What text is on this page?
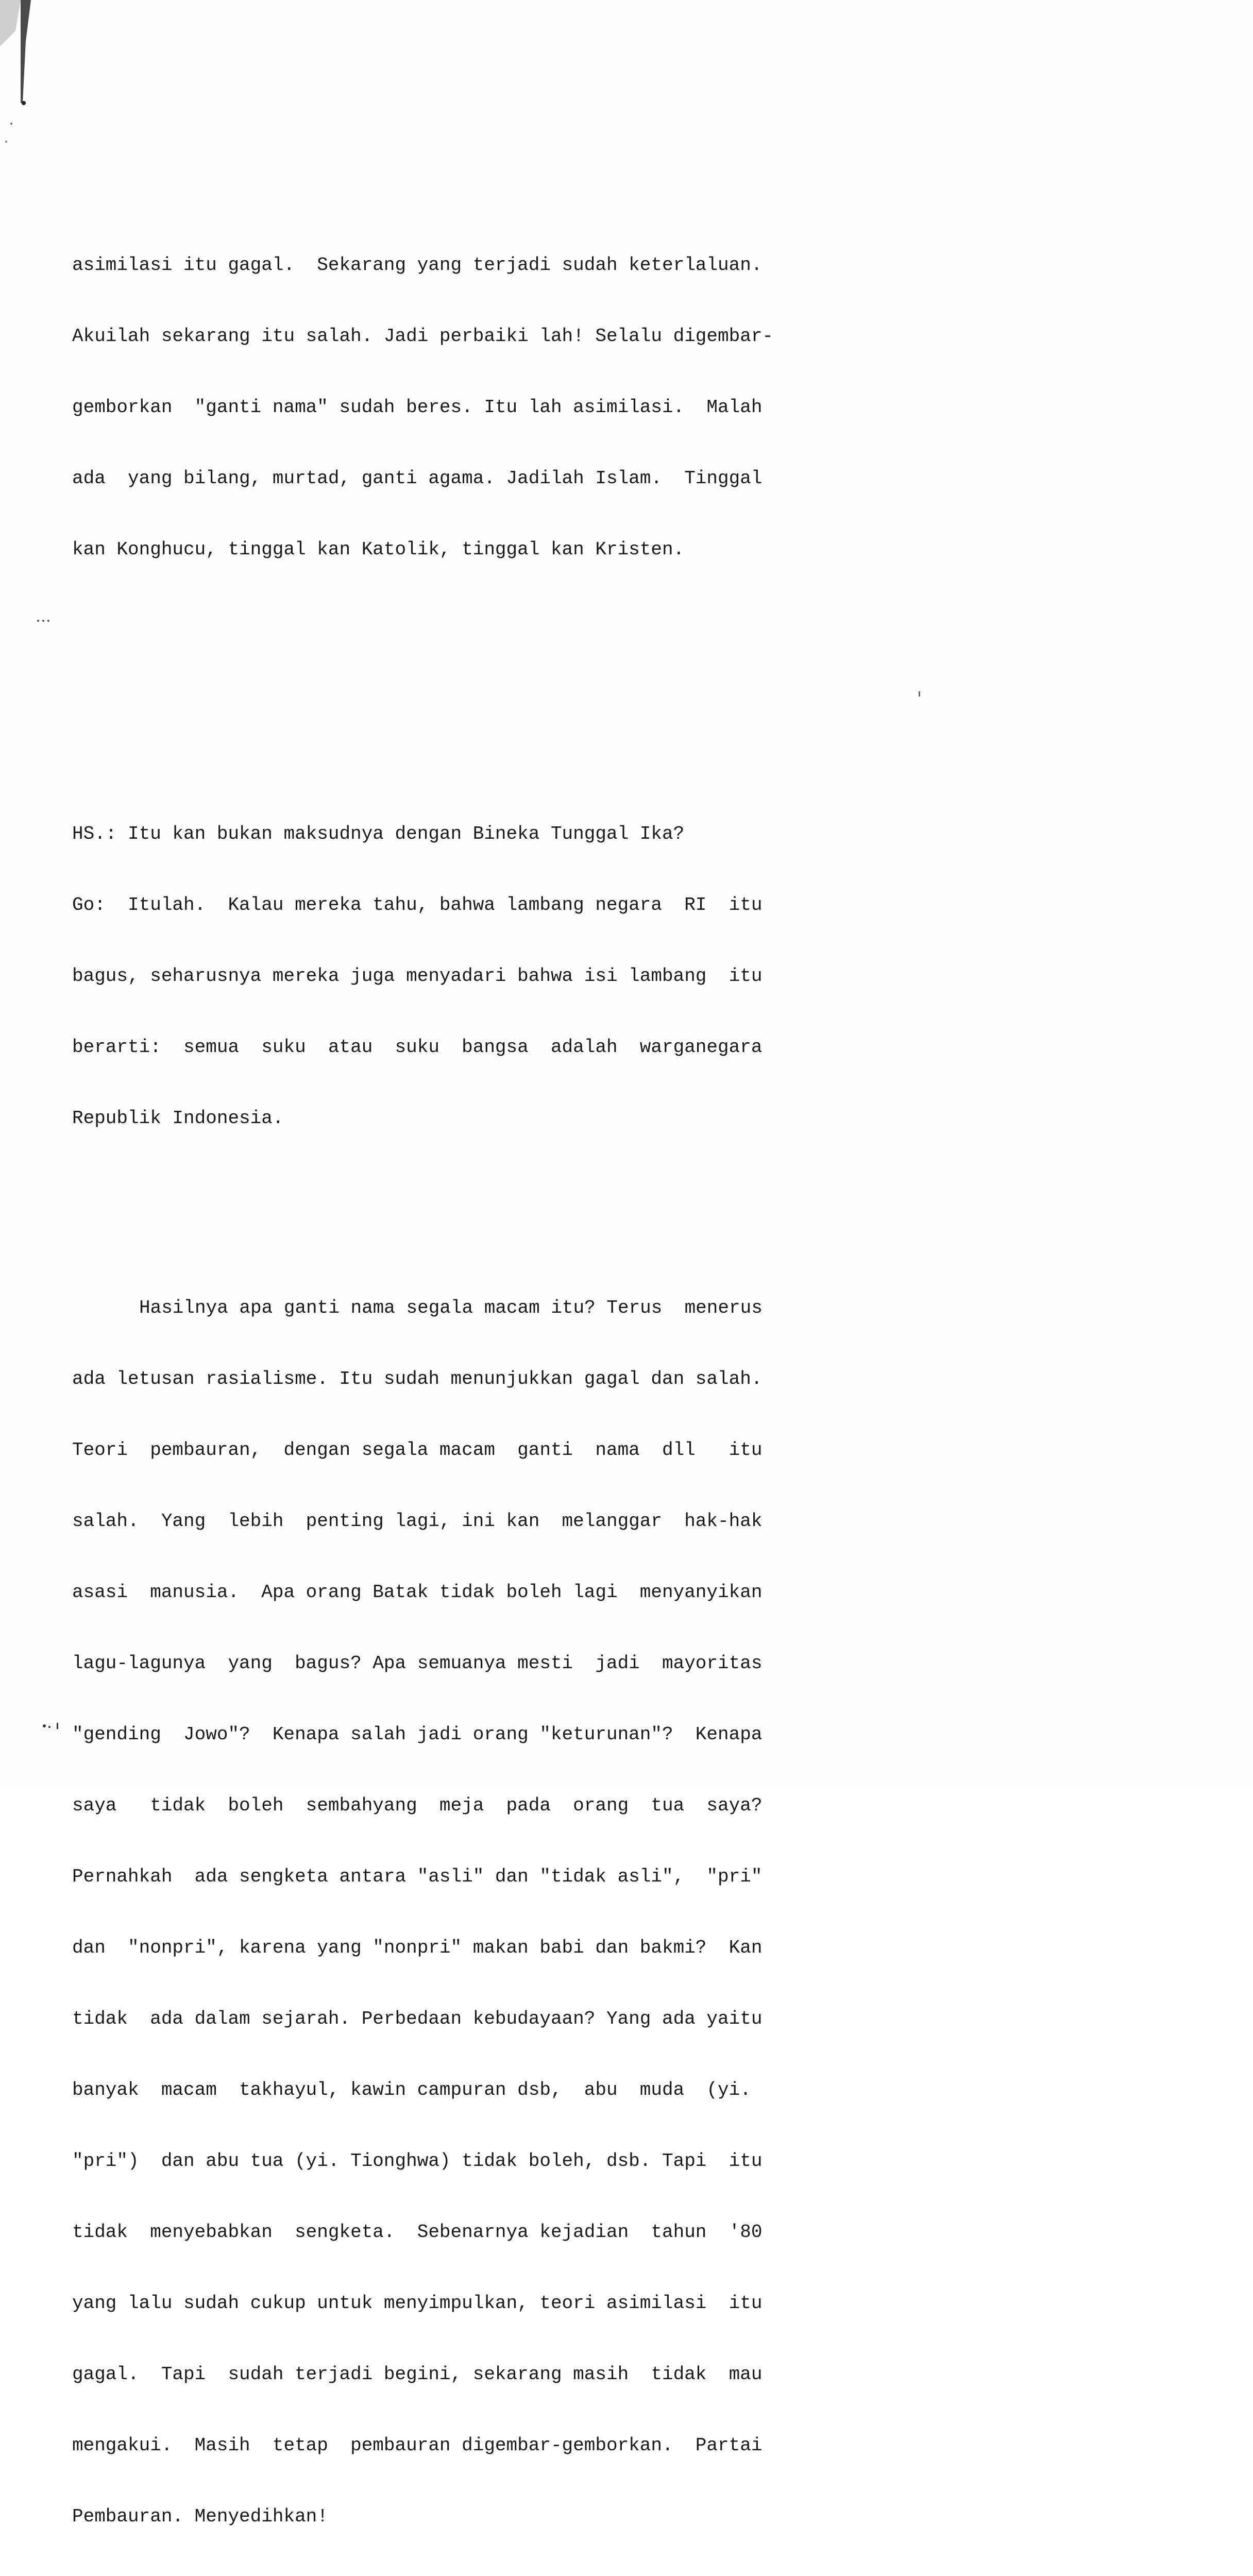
asimilasi itu gagal.  Sekarang yang terjadi sudah keterlaluan.

Akuilah sekarang itu salah. Jadi perbaiki lah! Selalu digembar-

gemborkan  "ganti nama" sudah beres. Itu lah asimilasi.  Malah

ada  yang bilang, murtad, ganti agama. Jadilah Islam.  Tinggal

kan Konghucu, tinggal kan Katolik, tinggal kan Kristen.

HS.: Itu kan bukan maksudnya dengan Bineka Tunggal Ika?

Go:  Itulah.  Kalau mereka tahu, bahwa lambang negara  RI  itu

bagus, seharusnya mereka juga menyadari bahwa isi lambang  itu

berarti:  semua  suku  atau  suku  bangsa  adalah  warganegara

Republik Indonesia.

Hasilnya apa ganti nama segala macam itu? Terus  menerus

ada letusan rasialisme. Itu sudah menunjukkan gagal dan salah.

Teori  pembauran,  dengan segala macam  ganti  nama  dll   itu

salah.  Yang  lebih  penting lagi, ini kan  melanggar  hak-hak

asasi  manusia.  Apa orang Batak tidak boleh lagi  menyanyikan

lagu-lagunya  yang  bagus? Apa semuanya mesti  jadi  mayoritas

"gending  Jowo"?  Kenapa salah jadi orang "keturunan"?  Kenapa

saya   tidak  boleh  sembahyang  meja  pada  orang  tua  saya?

Pernahkah  ada sengketa antara "asli" dan "tidak asli",  "pri"

dan  "nonpri", karena yang "nonpri" makan babi dan bakmi?  Kan

tidak  ada dalam sejarah. Perbedaan kebudayaan? Yang ada yaitu

banyak  macam  takhayul, kawin campuran dsb,  abu  muda  (yi.

"pri")  dan abu tua (yi. Tionghwa) tidak boleh, dsb. Tapi  itu

tidak  menyebabkan  sengketa.  Sebenarnya kejadian  tahun  '80

yang lalu sudah cukup untuk menyimpulkan, teori asimilasi  itu

gagal.  Tapi  sudah terjadi begini, sekarang masih  tidak  mau

mengakui.  Masih  tetap  pembauran digembar-gemborkan.  Partai

Pembauran. Menyedihkan!
